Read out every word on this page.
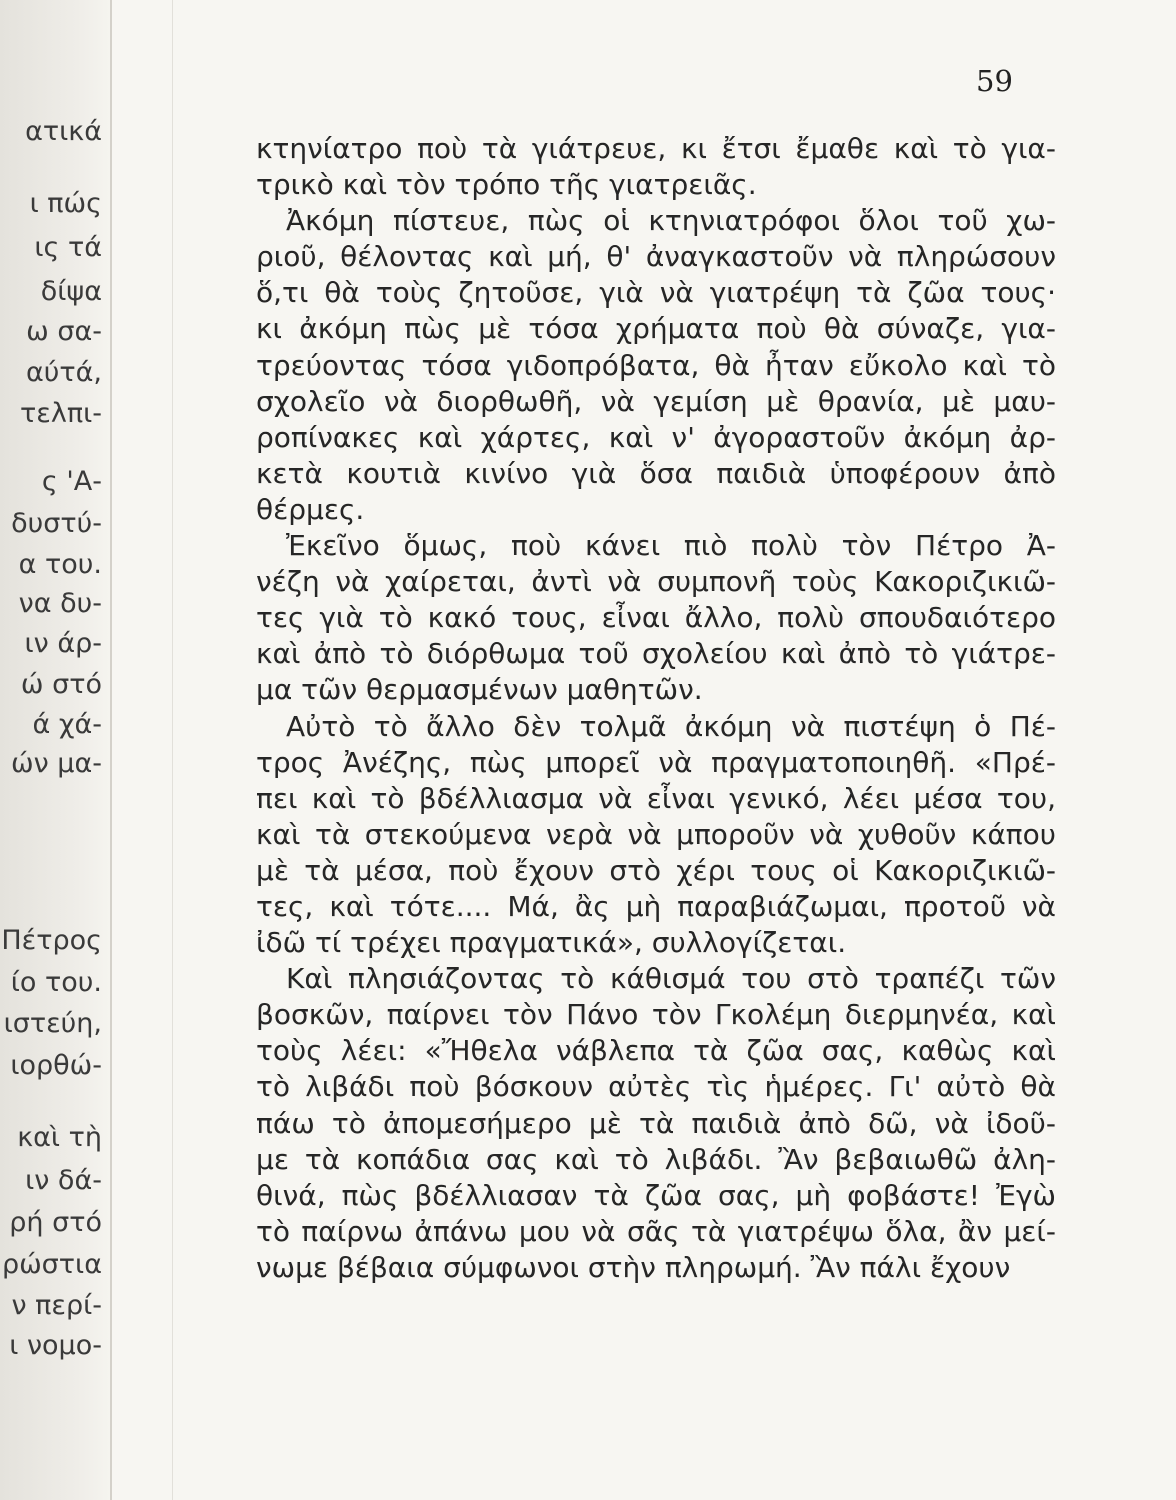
ατικά
ι πώς
ις τά
δίψα
ω σα-
αύτά,
τελπι-
ς 'Α-
δυστύ-
α του.
να δυ-
ιν άρ-
ώ στό
ά χά-
ών μα-
Πέτρος
ίο του.
ιστεύη,
ιορθώ-
καὶ τὴ
ιν δά-
ρή στό
ρώστια
ν περί-
ι νομο-
59
κτηνίατρο ποὺ τὰ γιάτρευε, κι ἔτσι ἔμαθε καὶ τὸ για-
τρικὸ καὶ τὸν τρόπο τῆς γιατρειᾶς.
Ἀκόμη πίστευε, πὼς οἱ κτηνιατρόφοι ὅλοι τοῦ χω-
ριοῦ, θέλοντας καὶ μή, θ' ἀναγκαστοῦν νὰ πληρώσουν
ὅ,τι θὰ τοὺς ζητοῦσε, γιὰ νὰ γιατρέψη τὰ ζῶα τους·
κι ἀκόμη πὼς μὲ τόσα χρήματα ποὺ θὰ σύναζε, για-
τρεύοντας τόσα γιδοπρόβατα, θὰ ἦταν εὔκολο καὶ τὸ
σχολεῖο νὰ διορθωθῆ, νὰ γεμίση μὲ θρανία, μὲ μαυ-
ροπίνακες καὶ χάρτες, καὶ ν' ἀγοραστοῦν ἀκόμη ἀρ-
κετὰ κουτιὰ κινίνο γιὰ ὅσα παιδιὰ ὑποφέρουν ἀπὸ
θέρμες.
Ἐκεῖνο ὅμως, ποὺ κάνει πιὸ πολὺ τὸν Πέτρο Ἀ-
νέζη νὰ χαίρεται, ἀντὶ νὰ συμπονῆ τοὺς Κακοριζικιῶ-
τες γιὰ τὸ κακό τους, εἶναι ἄλλο, πολὺ σπουδαιότερο
καὶ ἀπὸ τὸ διόρθωμα τοῦ σχολείου καὶ ἀπὸ τὸ γιάτρε-
μα τῶν θερμασμένων μαθητῶν.
Αὐτὸ τὸ ἄλλο δὲν τολμᾶ ἀκόμη νὰ πιστέψη ὁ Πέ-
τρος Ἀνέζης, πὼς μπορεῖ νὰ πραγματοποιηθῆ. «Πρέ-
πει καὶ τὸ βδέλλιασμα νὰ εἶναι γενικό, λέει μέσα του,
καὶ τὰ στεκούμενα νερὰ νὰ μποροῦν νὰ χυθοῦν κάπου
μὲ τὰ μέσα, ποὺ ἔχουν στὸ χέρι τους οἱ Κακοριζικιῶ-
τες, καὶ τότε.... Μά, ἂς μὴ παραβιάζωμαι, προτοῦ νὰ
ἰδῶ τί τρέχει πραγματικά», συλλογίζεται.
Καὶ πλησιάζοντας τὸ κάθισμά του στὸ τραπέζι τῶν
βοσκῶν, παίρνει τὸν Πάνο τὸν Γκολέμη διερμηνέα, καὶ
τοὺς λέει: «Ἤθελα νάβλεπα τὰ ζῶα σας, καθὼς καὶ
τὸ λιβάδι ποὺ βόσκουν αὐτὲς τὶς ἡμέρες. Γι' αὐτὸ θὰ
πάω τὸ ἀπομεσήμερο μὲ τὰ παιδιὰ ἀπὸ δῶ, νὰ ἰδοῦ-
με τὰ κοπάδια σας καὶ τὸ λιβάδι. Ἂν βεβαιωθῶ ἀλη-
θινά, πὼς βδέλλιασαν τὰ ζῶα σας, μὴ φοβάστε! Ἐγὼ
τὸ παίρνω ἀπάνω μου νὰ σᾶς τὰ γιατρέψω ὅλα, ἂν μεί-
νωμε βέβαια σύμφωνοι στὴν πληρωμή. Ἂν πάλι ἔχουν
